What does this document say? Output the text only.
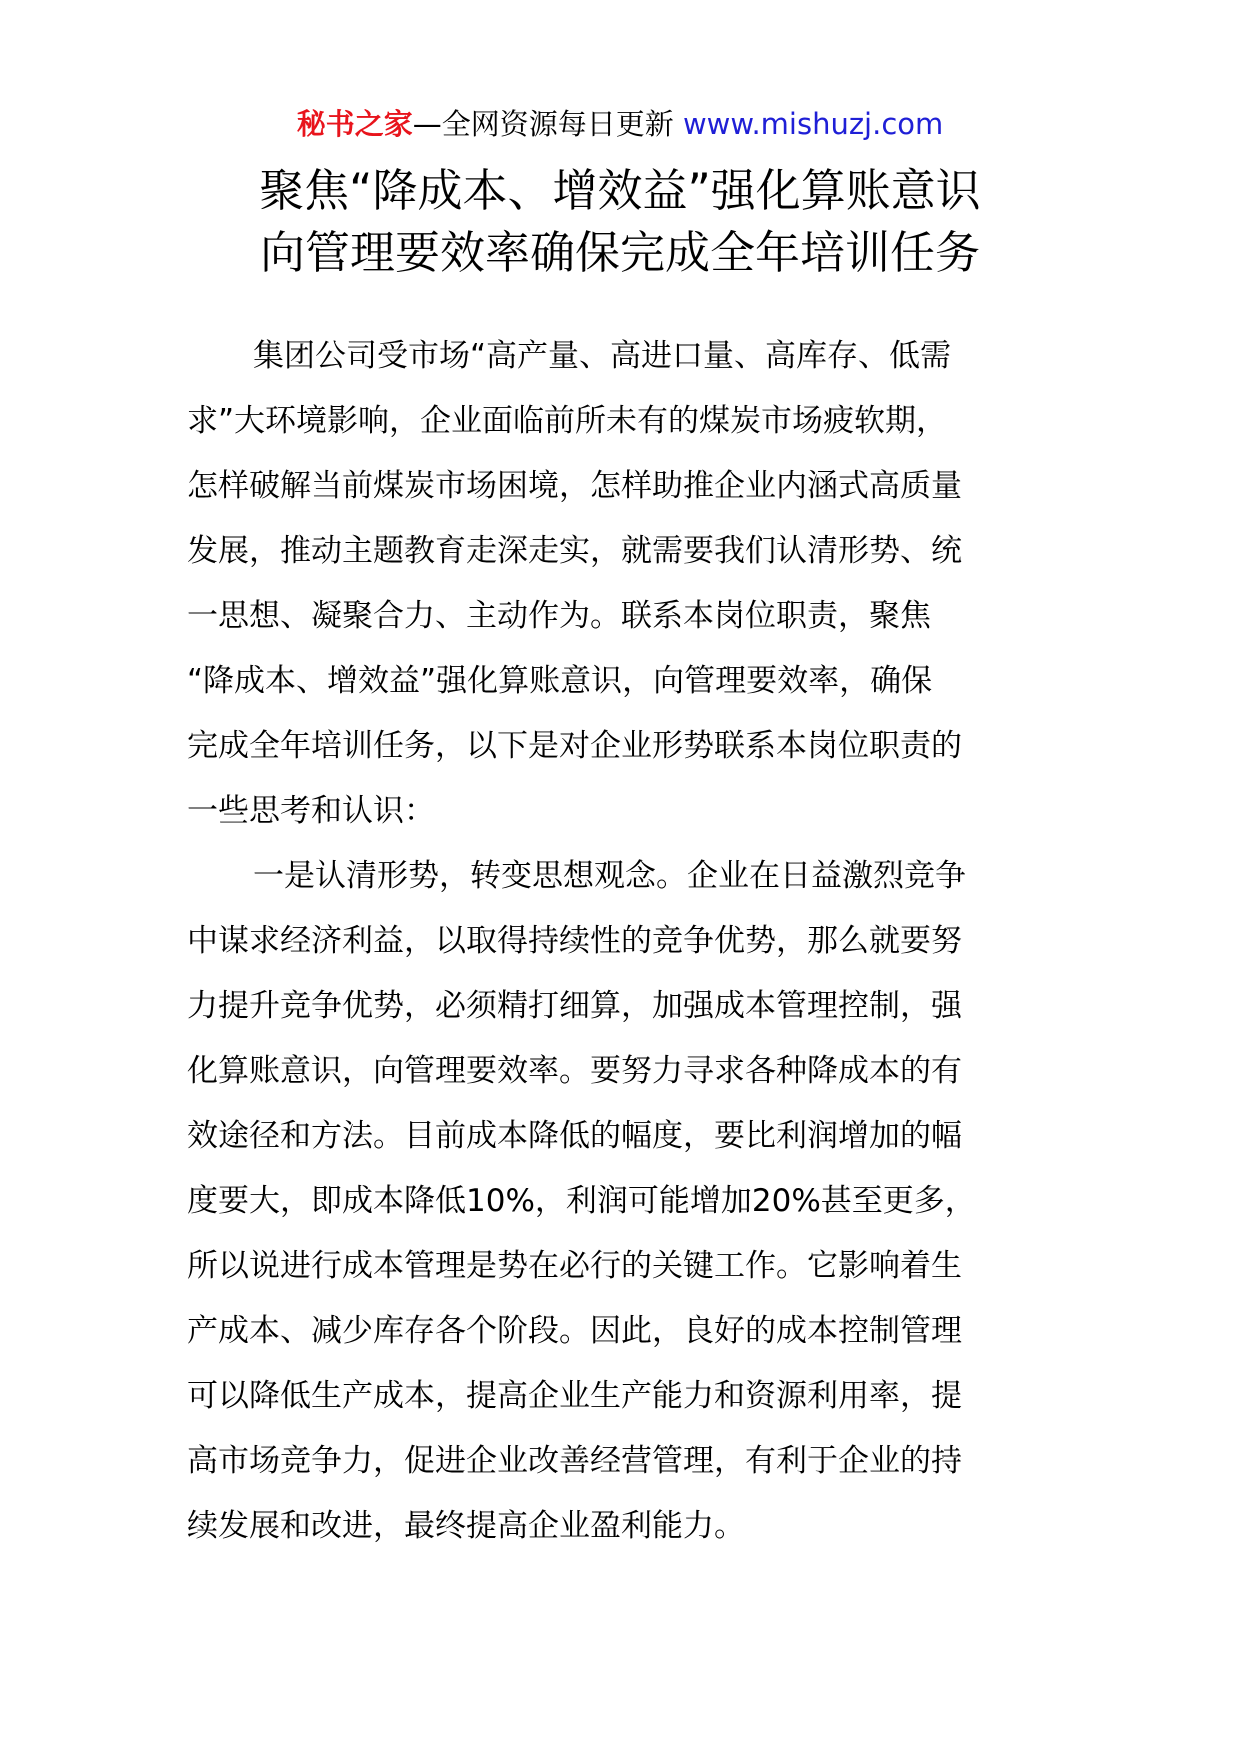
秘书之家—全网资源每日更新 www.mishuzj.com
聚焦“降成本、增效益”强化算账意识
向管理要效率确保完成全年培训任务
集团公司受市场“高产量、高进口量、高库存、低需
求”大环境影响，企业面临前所未有的煤炭市场疲软期，
怎样破解当前煤炭市场困境，怎样助推企业内涵式高质量
发展，推动主题教育走深走实，就需要我们认清形势、统
一思想、凝聚合力、主动作为。联系本岗位职责，聚焦
“降成本、增效益”强化算账意识，向管理要效率，确保
完成全年培训任务，以下是对企业形势联系本岗位职责的
一些思考和认识：
一是认清形势，转变思想观念。企业在日益激烈竞争
中谋求经济利益，以取得持续性的竞争优势，那么就要努
力提升竞争优势，必须精打细算，加强成本管理控制，强
化算账意识，向管理要效率。要努力寻求各种降成本的有
效途径和方法。目前成本降低的幅度，要比利润增加的幅
度要大，即成本降低10%，利润可能增加20%甚至更多，
所以说进行成本管理是势在必行的关键工作。它影响着生
产成本、减少库存各个阶段。因此，良好的成本控制管理
可以降低生产成本，提高企业生产能力和资源利用率，提
高市场竞争力，促进企业改善经营管理，有利于企业的持
续发展和改进，最终提高企业盈利能力。
